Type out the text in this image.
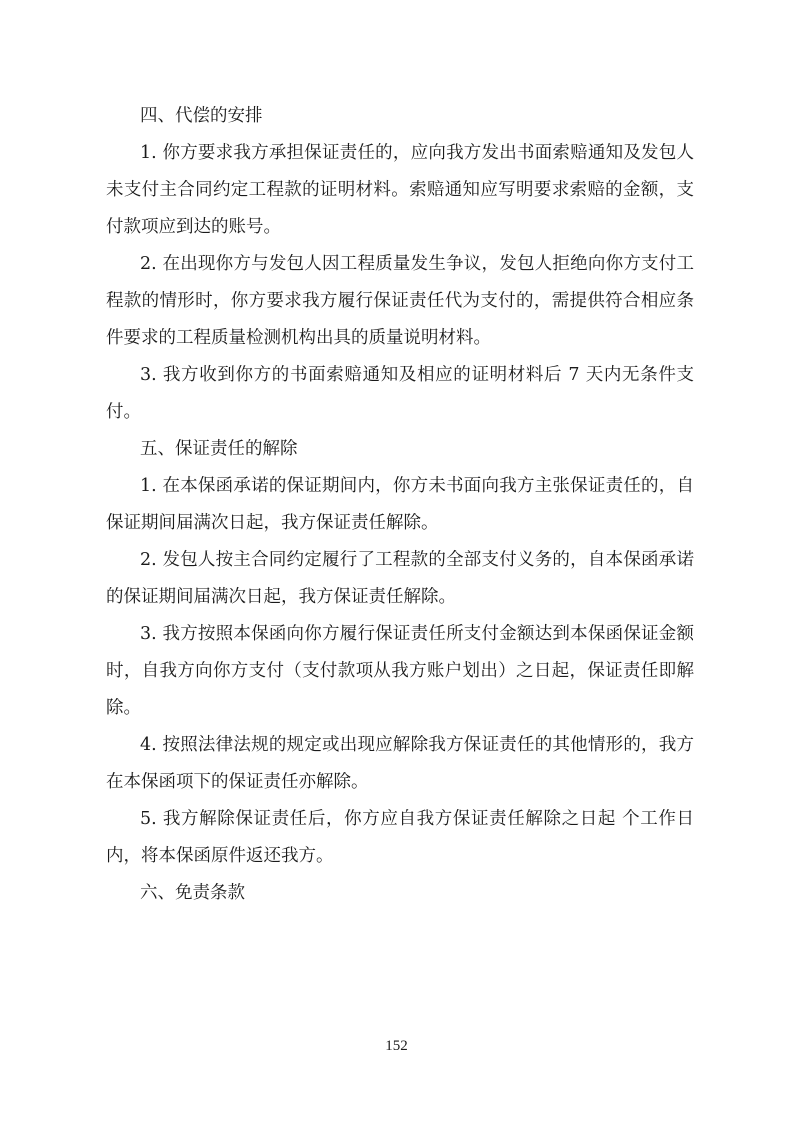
四、代偿的安排

1. 你方要求我方承担保证责任的，应向我方发出书面索赔通知及发包人未支付主合同约定工程款的证明材料。索赔通知应写明要求索赔的金额，支付款项应到达的账号。

2. 在出现你方与发包人因工程质量发生争议，发包人拒绝向你方支付工程款的情形时，你方要求我方履行保证责任代为支付的，需提供符合相应条件要求的工程质量检测机构出具的质量说明材料。

3. 我方收到你方的书面索赔通知及相应的证明材料后 7 天内无条件支付。

五、保证责任的解除

1. 在本保函承诺的保证期间内，你方未书面向我方主张保证责任的，自保证期间届满次日起，我方保证责任解除。

2. 发包人按主合同约定履行了工程款的全部支付义务的，自本保函承诺的保证期间届满次日起，我方保证责任解除。

3. 我方按照本保函向你方履行保证责任所支付金额达到本保函保证金额时，自我方向你方支付（支付款项从我方账户划出）之日起，保证责任即解除。

4. 按照法律法规的规定或出现应解除我方保证责任的其他情形的，我方在本保函项下的保证责任亦解除。

5. 我方解除保证责任后，你方应自我方保证责任解除之日起 个工作日内，将本保函原件返还我方。

六、免责条款

152
